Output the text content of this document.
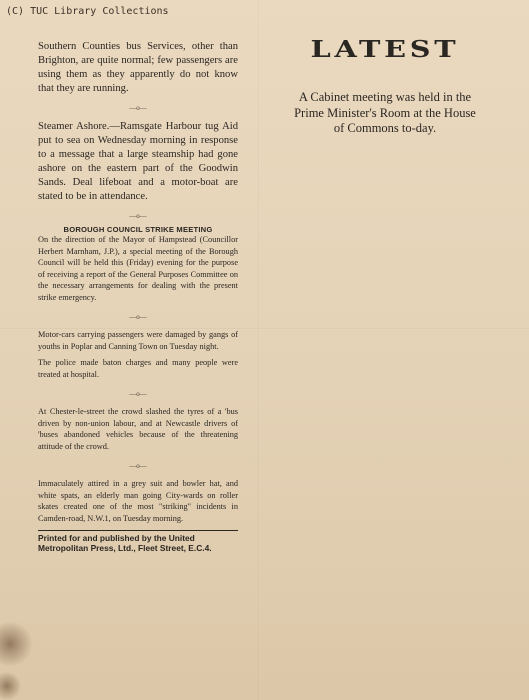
(C) TUC Library Collections
Southern Counties bus Services, other than Brighton, are quite normal; few passengers are using them as they apparently do not know that they are running.
—o—
Steamer Ashore.—Ramsgate Harbour tug Aid put to sea on Wednesday morning in response to a message that a large steamship had gone ashore on the eastern part of the Goodwin Sands. Deal lifeboat and a motor-boat are stated to be in attendance.
—o—
BOROUGH COUNCIL STRIKE MEETING
On the direction of the Mayor of Hampstead (Councillor Herbert Marnham, J.P.), a special meeting of the Borough Council will be held this (Friday) evening for the purpose of receiving a report of the General Purposes Committee on the necessary arrangements for dealing with the present strike emergency.
—o—
Motor-cars carrying passengers were damaged by gangs of youths in Poplar and Canning Town on Tuesday night.
The police made baton charges and many people were treated at hospital.
—o—
At Chester-le-street the crowd slashed the tyres of a 'bus driven by non-union labour, and at Newcastle drivers of 'buses abandoned vehicles because of the threatening attitude of the crowd.
—o—
Immaculately attired in a grey suit and bowler hat, and white spats, an elderly man going City-wards on roller skates created one of the most "striking" incidents in Camden-road, N.W.1, on Tuesday morning.
Printed for and published by the United Metropolitan Press, Ltd., Fleet Street, E.C.4.
LATEST
A Cabinet meeting was held in the Prime Minister's Room at the House of Commons to-day.
